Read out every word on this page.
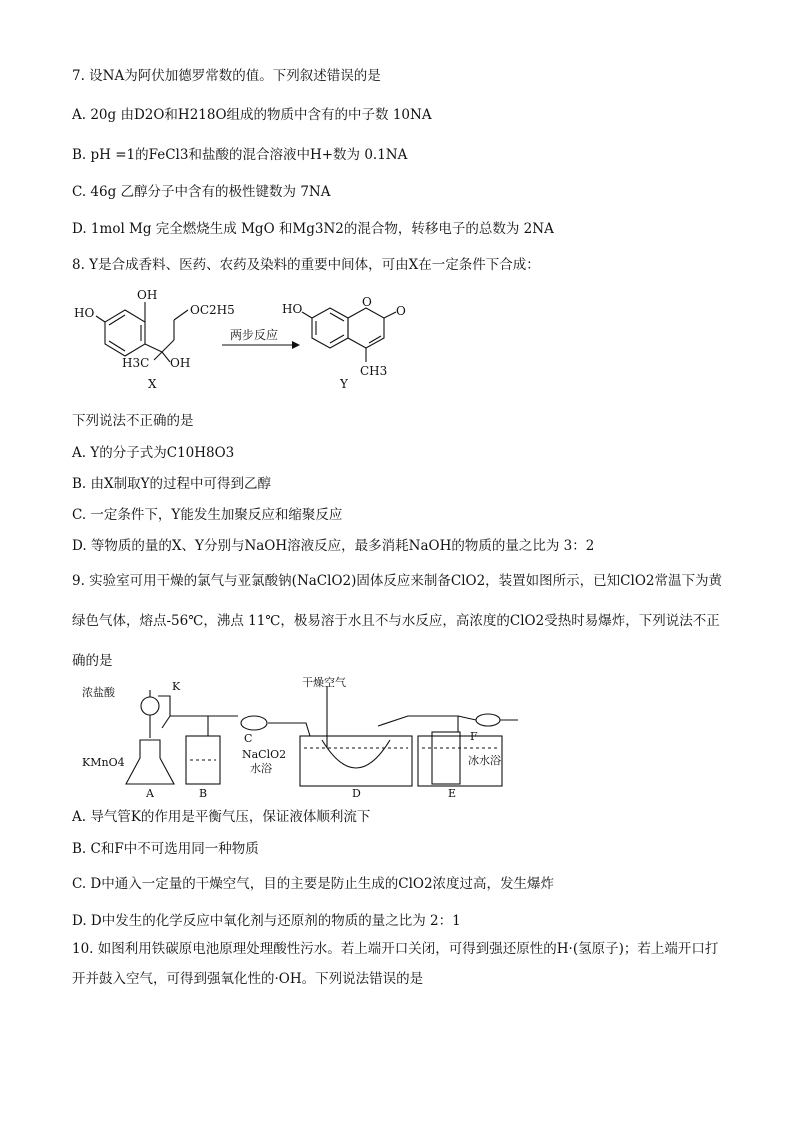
7. 设NA为阿伏加德罗常数的值。下列叙述错误的是
A. 20g 由D2O和H218O组成的物质中含有的中子数 10NA
B. pH =1的FeCl3和盐酸的混合溶液中H+数为 0.1NA
C. 46g 乙醇分子中含有的极性键数为 7NA
D. 1mol Mg 完全燃烧生成 MgO 和Mg3N2的混合物，转移电子的总数为 2NA
8. Y是合成香料、医药、农药及染料的重要中间体，可由X在一定条件下合成：
HO
OH
OC2H5
H3C OH
X
两步反应
HO	O
O
CH3
Y
下列说法不正确的是
A. Y的分子式为C10H8O3
B. 由X制取Y的过程中可得到乙醇
C. 一定条件下，Y能发生加聚反应和缩聚反应
D. 等物质的量的X、Y分别与NaOH溶液反应，最多消耗NaOH的物质的量之比为 3：2
9. 实验室可用干燥的氯气与亚氯酸钠(NaClO2)固体反应来制备ClO2，装置如图所示，已知ClO2常温下为黄绿色气体，熔点-56℃，沸点 11℃，极易溶于水且不与水反应，高浓度的ClO2受热时易爆炸，下列说法不正确的是
浓盐酸	K	干燥空气
KMnO4
A	B
C
NaClO2
水浴
D	E
F
冰水浴
A. 导气管K的作用是平衡气压，保证液体顺利流下
B. C和F中不可选用同一种物质
C. D中通入一定量的干燥空气，目的主要是防止生成的ClO2浓度过高，发生爆炸
D. D中发生的化学反应中氧化剂与还原剂的物质的量之比为 2：1
10. 如图利用铁碳原电池原理处理酸性污水。若上端开口关闭，可得到强还原性的H·(氢原子)；若上端开口打开并鼓入空气，可得到强氧化性的·OH。下列说法错误的是
